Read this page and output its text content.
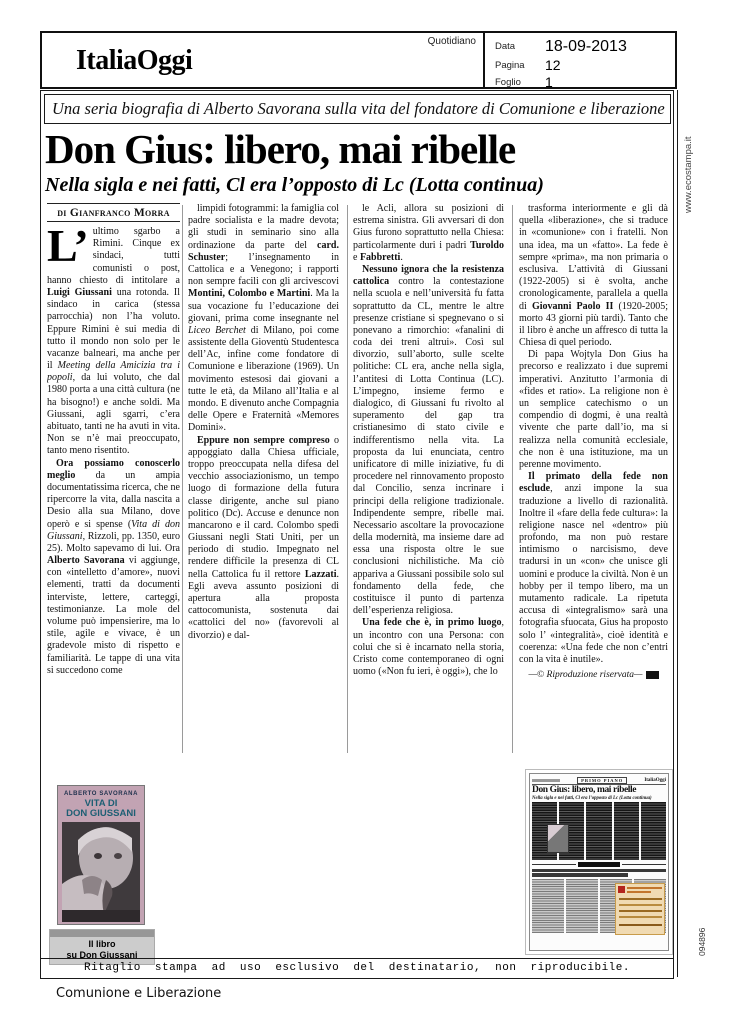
ItaliaOggi
Quotidiano Data	18-09-2013
Pagina	12
Foglio	1
www.ecostampa.it
094896
Una seria biografia di Alberto Savorana sulla vita del fondatore di Comunione e liberazione
Don Gius: libero, mai ribelle
Nella sigla e nei fatti, Cl era l’opposto di Lc (Lotta continua)
di Gianfranco Morra
L’ ultimo sgarbo a Rimini. Cinque ex sindaci, tutti comunisti o post, hanno chiesto di intitolare a Luigi Giussani una rotonda. Il sindaco in carica (stessa parrocchia) non l’ha voluto. Eppure Rimini è sui media di tutto il mondo non solo per le vacanze balneari, ma anche per il Meeting della Amicizia tra i popoli, da lui voluto, che dal 1980 porta a una città cultura (ne ha bisogno!) e anche soldi. Ma Giussani, agli sgarri, c’era abituato, tanti ne ha avuti in vita. Non se n’è mai preoccupato, tanto meno risentito.
Ora possiamo conoscerlo meglio da un ampia documentatissima ricerca, che ne ripercorre la vita, dalla nascita a Desio alla sua Milano, dove operò e si spense (Vita di don Giussani, Rizzoli, pp. 1350, euro 25). Molto sapevamo di lui. Ora Alberto Savorana vi aggiunge, con «intelletto d’amore», nuovi elementi, tratti da documenti interviste, lettere, carteggi, testimonianze. La mole del volume può impensierire, ma lo stile, agile e vivace, è un gradevole misto di rispetto e familiarità. Le tappe di una vita si succedono come
limpidi fotogrammi: la famiglia col padre socialista e la madre devota; gli studi in seminario sino alla ordinazione da parte del card. Schuster; l’insegnamento in Cattolica e a Venegono; i rapporti non sempre facili con gli arcivescovi Montini, Colombo e Martini. Ma la sua vocazione fu l’educazione dei giovani, prima come insegnante nel Liceo Berchet di Milano, poi come assistente della Gioventù Studentesca dell’Ac, infine come fondatore di Comunione e liberazione (1969). Un movimento estesosi dai giovani a tutte le età, da Milano all’Italia e al mondo. E divenuto anche Compagnia delle Opere e Fraternità «Memores Domini».
Eppure non sempre compreso o appoggiato dalla Chiesa ufficiale, troppo preoccupata nella difesa del vecchio associazionismo, un tempo luogo di formazione della futura classe dirigente, anche sul piano politico (Dc). Accuse e denunce non mancarono e il card. Colombo spedì Giussani negli Stati Uniti, per un periodo di studio. Impegnato nel rendere difficile la presenza di CL nella Cattolica fu il rettore Lazzati. Egli aveva assunto posizioni di apertura alla proposta cattocomunista, sostenuta dai «cattolici del no» (favorevoli al divorzio) e dal-
le Acli, allora su posizioni di estrema sinistra. Gli avversari di don Gius furono soprattutto nella Chiesa: particolarmente duri i padri Turoldo e Fabbretti.
Nessuno ignora che la resistenza cattolica contro la contestazione nella scuola e nell’università fu fatta soprattutto da CL, mentre le altre presenze cristiane si spegnevano o si ponevano a rimorchio: «fanalini di coda dei treni altrui». Così sul divorzio, sull’aborto, sulle scelte politiche: CL era, anche nella sigla, l’antitesi di Lotta Continua (LC). L’impegno, insieme fermo e dialogico, di Giussani fu rivolto al superamento del gap tra cristianesimo di stato civile e indifferentismo nella vita. La proposta da lui enunciata, centro unificatore di mille iniziative, fu di procedere nel rinnovamento proposto dal Concilio, senza incrinare i principi della religione tradizionale. Indipendente sempre, ribelle mai. Necessario ascoltare la provocazione della modernità, ma insieme dare ad essa una risposta oltre le sue conclusioni nichilistiche. Ma ciò appariva a Giussani possibile solo sul fondamento della fede, che costituisce il punto di partenza dell’esperienza religiosa.
Una fede che è, in primo luogo, un incontro con una Persona: con colui che si è incarnato nella storia, Cristo come contemporaneo di ogni uomo («Non fu ieri, è oggi»), che lo
trasforma interiormente e gli dà quella «liberazione», che si traduce in «comunione» con i fratelli. Non una idea, ma un «fatto». La fede è sempre «prima», ma non primaria o esclusiva. L’attività di Giussani (1922-2005) si è svolta, anche cronologicamente, parallela a quella di Giovanni Paolo II (1920-2005; morto 43 giorni più tardi). Tanto che il libro è anche un affresco di tutta la Chiesa di quel periodo.
Di papa Wojtyla Don Gius ha precorso e realizzato i due supremi imperativi. Anzitutto l’armonia di «fides et ratio». La religione non è un semplice catechismo o un compendio di dogmi, è una realtà vivente che parte dall’io, ma si realizza nella comunità ecclesiale, che non è una istituzione, ma un perenne movimento.
Il primato della fede non esclude, anzi impone la sua traduzione a livello di razionalità. Inoltre il «fare della fede cultura»: la religione nasce nel «dentro» più profondo, ma non può restare intimismo o narcisismo, deve tradursi in un «con» che unisce gli uomini e produce la civiltà. Non è un hobby per il tempo libero, ma un mutamento radicale. La ripetuta accusa di «integralismo» sarà una fotografia sfuocata, Gius ha proposto solo l’ «integralità», cioè identità e coerenza: «Una fede che non c’entri con la vita è inutile».
—© Riproduzione riservata—
ALBERTO SAVORANA
VITA DI
DON GIUSSANI
Il libro
su Don Giussani
PRIMO PIANO	ItaliaOggi
Don Gius: libero, mai ribelle
Nella sigla e nei fatti, Cl era l’opposto di Lc (Lotta continua)
Ritaglio stampa ad uso esclusivo del destinatario, non riproducibile.
Comunione e Liberazione
